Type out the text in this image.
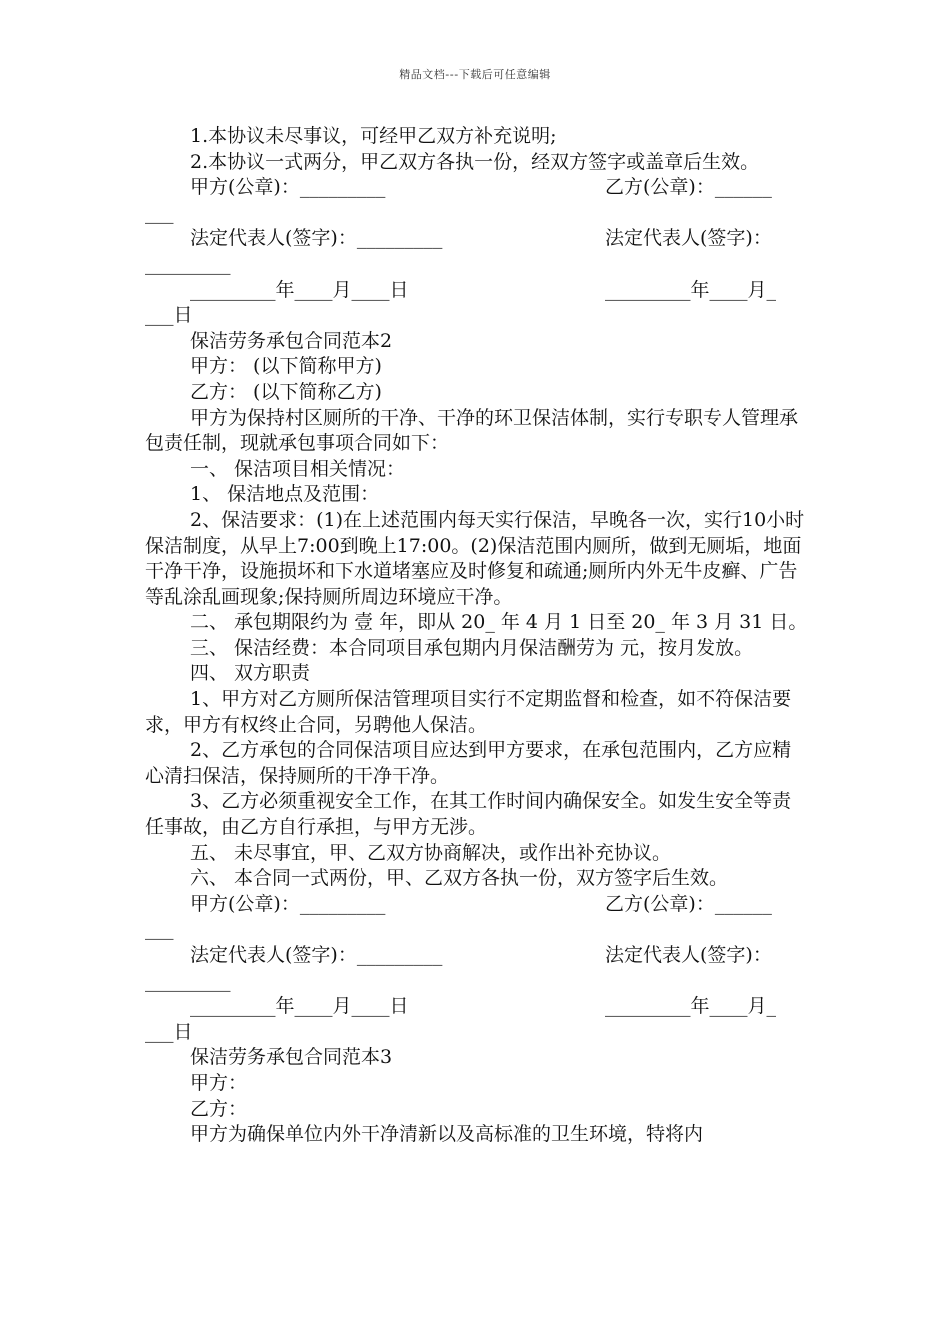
精品文档---下载后可任意编辑

1.本协议未尽事议，可经甲乙双方补充说明;

2.本协议一式两分，甲乙双方各执一份，经双方签字或盖章后生效。

甲方(公章)：_________	乙方(公章)：______
___
法定代表人(签字)：_________	法定代表人(签字)：
_________
_________年____月____日	_________年____月_
___日

保洁劳务承包合同范本2

甲方： (以下简称甲方)

乙方： (以下简称乙方)

甲方为保持村区厕所的干净、干净的环卫保洁体制，实行专职专人管理承包责任制，现就承包事项合同如下：

一、 保洁项目相关情况：

1、 保洁地点及范围：

2、保洁要求：(1)在上述范围内每天实行保洁，早晚各一次，实行10小时保洁制度，从早上7:00到晚上17:00。(2)保洁范围内厕所，做到无厕垢，地面干净干净，设施损坏和下水道堵塞应及时修复和疏通;厕所内外无牛皮癣、广告等乱涂乱画现象;保持厕所周边环境应干净。

二、 承包期限约为 壹 年，即从 20_ 年 4 月 1 日至 20_ 年 3 月 31 日。

三、 保洁经费：本合同项目承包期内月保洁酬劳为 元，按月发放。

四、 双方职责

1、甲方对乙方厕所保洁管理项目实行不定期监督和检查，如不符保洁要求，甲方有权终止合同，另聘他人保洁。

2、乙方承包的合同保洁项目应达到甲方要求，在承包范围内，乙方应精心清扫保洁，保持厕所的干净干净。

3、乙方必须重视安全工作，在其工作时间内确保安全。如发生安全等责任事故，由乙方自行承担，与甲方无涉。

五、 未尽事宜，甲、乙双方协商解决，或作出补充协议。

六、 本合同一式两份，甲、乙双方各执一份，双方签字后生效。

甲方(公章)：_________	乙方(公章)：______
___
法定代表人(签字)：_________	法定代表人(签字)：
_________
_________年____月____日	_________年____月_
___日

保洁劳务承包合同范本3

甲方：

乙方：

甲方为确保单位内外干净清新以及高标准的卫生环境，特将内
